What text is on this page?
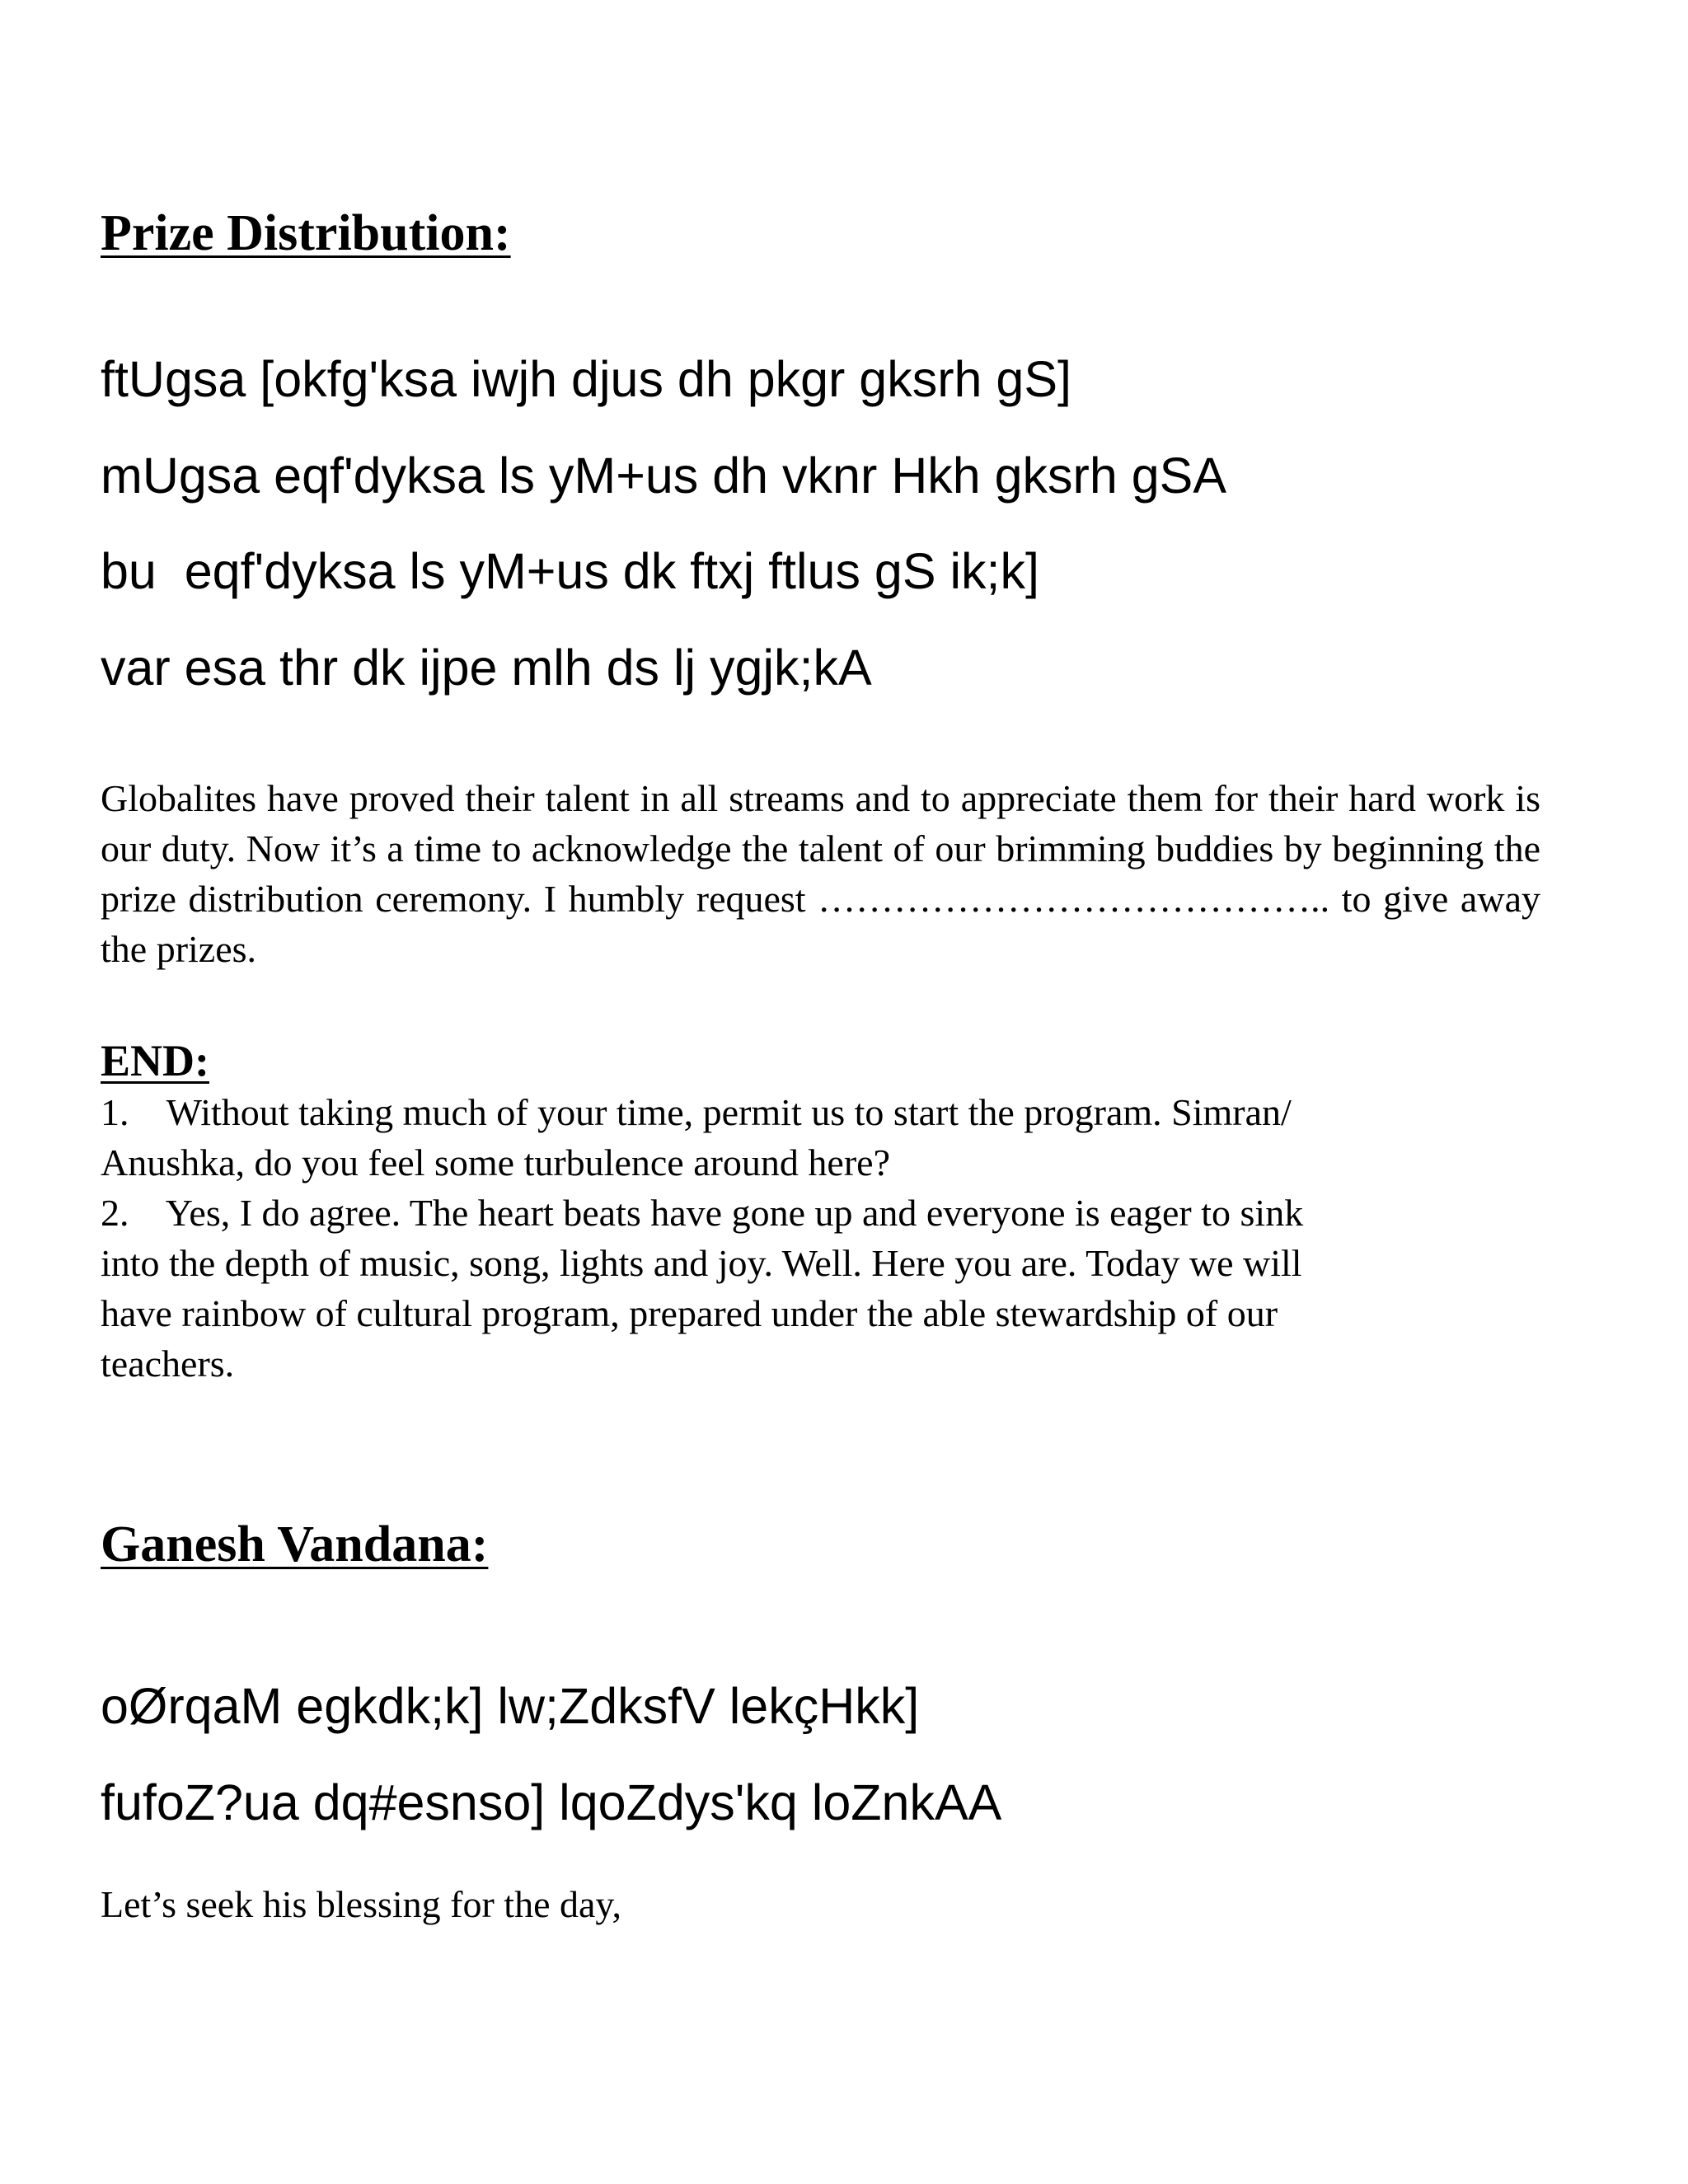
Prize Distribution:

ftUgsa [okfg'ksa iwjh djus dh pkgr gksrh gS]

mUgsa eqf'dyksa ls yM+us dh vknr Hkh gksrh gSA

bu  eqf'dyksa ls yM+us dk ftxj ftlus gS ik;k]

var esa thr dk ijpe mlh ds lj ygjk;kA

Globalites have proved their talent in all streams and to appreciate them for their hard work is our duty. Now it’s a time to acknowledge the talent of our brimming buddies by beginning the prize distribution ceremony. I humbly request ………………………………….. to give away the prizes.

END:

1.    Without taking much of your time, permit us to start the program. Simran/

Anushka, do you feel some turbulence around here?

2.    Yes, I do agree. The heart beats have gone up and everyone is eager to sink

into the depth of music, song, lights and joy. Well. Here you are. Today we will

have rainbow of cultural program, prepared under the able stewardship of our

teachers.

Ganesh Vandana:

oØrqaM egkdk;k] lw;ZdksfV lekçHkk]

fufoZ?ua dq#esnso] lqoZdys'kq loZnkAA

Let’s seek his blessing for the day,
